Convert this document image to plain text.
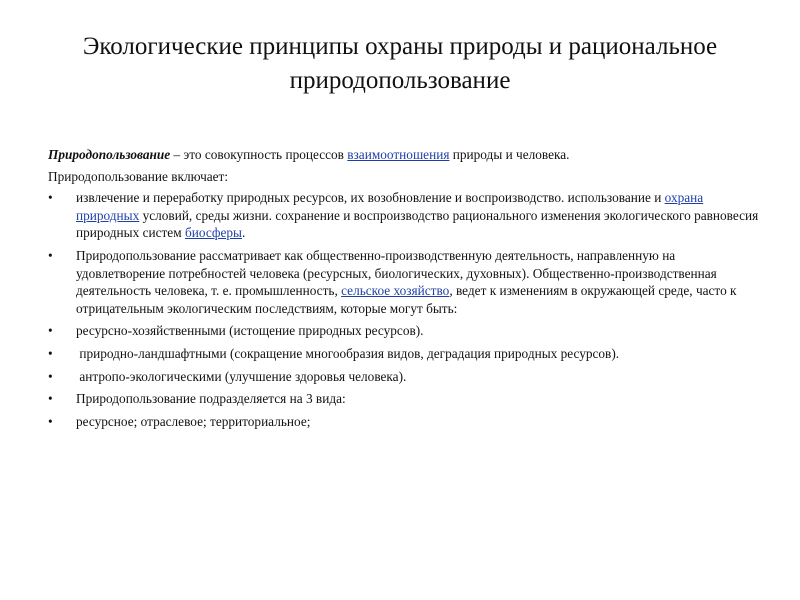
Экологические принципы охраны природы и рациональное
природопользование

Природопользование – это совокупность процессов взаимоотношения природы и человека.

Природопользование включает:

•	извлечение и переработку природных ресурсов, их возобновление и воспроизводство. использование и охрана природных условий, среды жизни. сохранение и воспроизводство рационального изменения экологического равновесия природных систем биосферы.
•	Природопользование рассматривает как общественно-производственную деятельность, направленную на удовлетворение потребностей человека (ресурсных, биологических, духовных). Общественно-производственная деятельность человека, т. е. промышленность, сельское хозяйство, ведет к изменениям в окружающей среде, часто к отрицательным экологическим последствиям, которые могут быть:
•	ресурсно-хозяйственными (истощение природных ресурсов).
•	природно-ландшафтными (сокращение многообразия видов, деградация природных ресурсов).
•	антропо-экологическими (улучшение здоровья человека).
•	Природопользование подразделяется на 3 вида:
•	ресурсное; отраслевое; территориальное;
